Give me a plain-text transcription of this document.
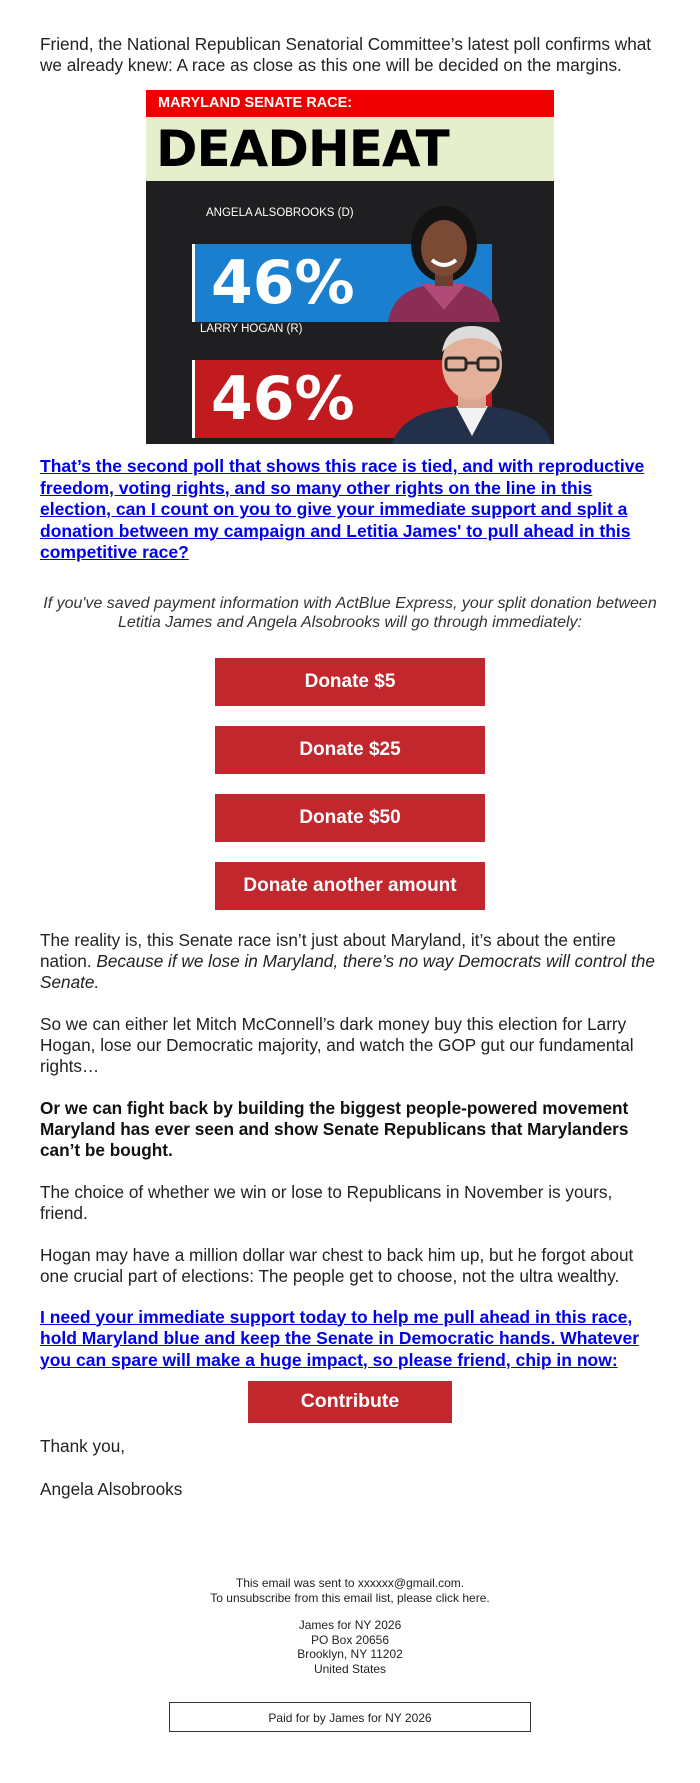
Friend, the National Republican Senatorial Committee’s latest poll confirms what we already knew: A race as close as this one will be decided on the margins.

MARYLAND SENATE RACE:
DEADHEAT
ANGELA ALSOBROOKS (D)
46%
LARRY HOGAN (R)
46%
That’s the second poll that shows this race is tied, and with reproductive freedom, voting rights, and so many other rights on the line in this election, can I count on you to give your immediate support and split a donation between my campaign and Letitia James' to pull ahead in this competitive race?

If you've saved payment information with ActBlue Express, your split donation between Letitia James and Angela Alsobrooks will go through immediately:

Donate $5
Donate $25
Donate $50
Donate another amount

The reality is, this Senate race isn’t just about Maryland, it’s about the entire nation. Because if we lose in Maryland, there’s no way Democrats will control the Senate.

So we can either let Mitch McConnell’s dark money buy this election for Larry Hogan, lose our Democratic majority, and watch the GOP gut our fundamental rights…

Or we can fight back by building the biggest people-powered movement Maryland has ever seen and show Senate Republicans that Marylanders can’t be bought.

The choice of whether we win or lose to Republicans in November is yours, friend.

Hogan may have a million dollar war chest to back him up, but he forgot about one crucial part of elections: The people get to choose, not the ultra wealthy.

I need your immediate support today to help me pull ahead in this race, hold Maryland blue and keep the Senate in Democratic hands. Whatever you can spare will make a huge impact, so please friend, chip in now:
Contribute

Thank you,

Angela Alsobrooks

This email was sent to xxxxxx@gmail.com.
To unsubscribe from this email list, please click here.
James for NY 2026
PO Box 20656
Brooklyn, NY 11202
United States
Paid for by James for NY 2026
